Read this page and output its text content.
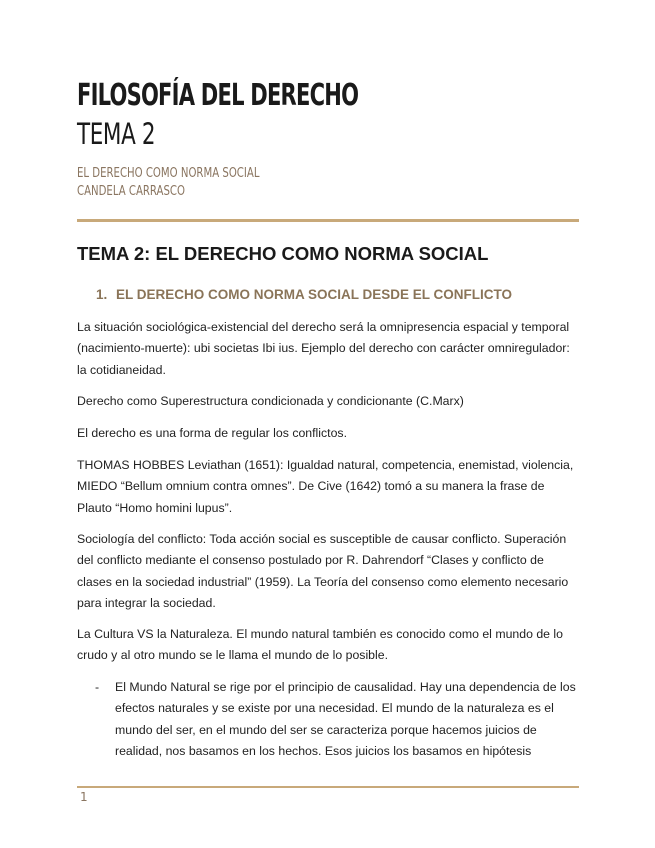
FILOSOFÍA DEL DERECHO
TEMA 2
EL DERECHO COMO NORMA SOCIAL
CANDELA CARRASCO
TEMA 2: EL DERECHO COMO NORMA SOCIAL
1. EL DERECHO COMO NORMA SOCIAL DESDE EL CONFLICTO

La situación sociológica-existencial del derecho será la omnipresencia espacial y temporal (nacimiento-muerte): ubi societas Ibi ius. Ejemplo del derecho con carácter omniregulador: la cotidianeidad.

Derecho como Superestructura condicionada y condicionante (C.Marx)

El derecho es una forma de regular los conflictos.

THOMAS HOBBES Leviathan (1651): Igualdad natural, competencia, enemistad, violencia, MIEDO “Bellum omnium contra omnes”. De Cive (1642) tomó a su manera la frase de Plauto “Homo homini lupus”.

Sociología del conflicto: Toda acción social es susceptible de causar conflicto. Superación del conflicto mediante el consenso postulado por R. Dahrendorf “Clases y conflicto de clases en la sociedad industrial” (1959). La Teoría del consenso como elemento necesario para integrar la sociedad.

La Cultura VS la Naturaleza. El mundo natural también es conocido como el mundo de lo crudo y al otro mundo se le llama el mundo de lo posible.

- El Mundo Natural se rige por el principio de causalidad. Hay una dependencia de los efectos naturales y se existe por una necesidad. El mundo de la naturaleza es el mundo del ser, en el mundo del ser se caracteriza porque hacemos juicios de realidad, nos basamos en los hechos. Esos juicios los basamos en hipótesis
1
